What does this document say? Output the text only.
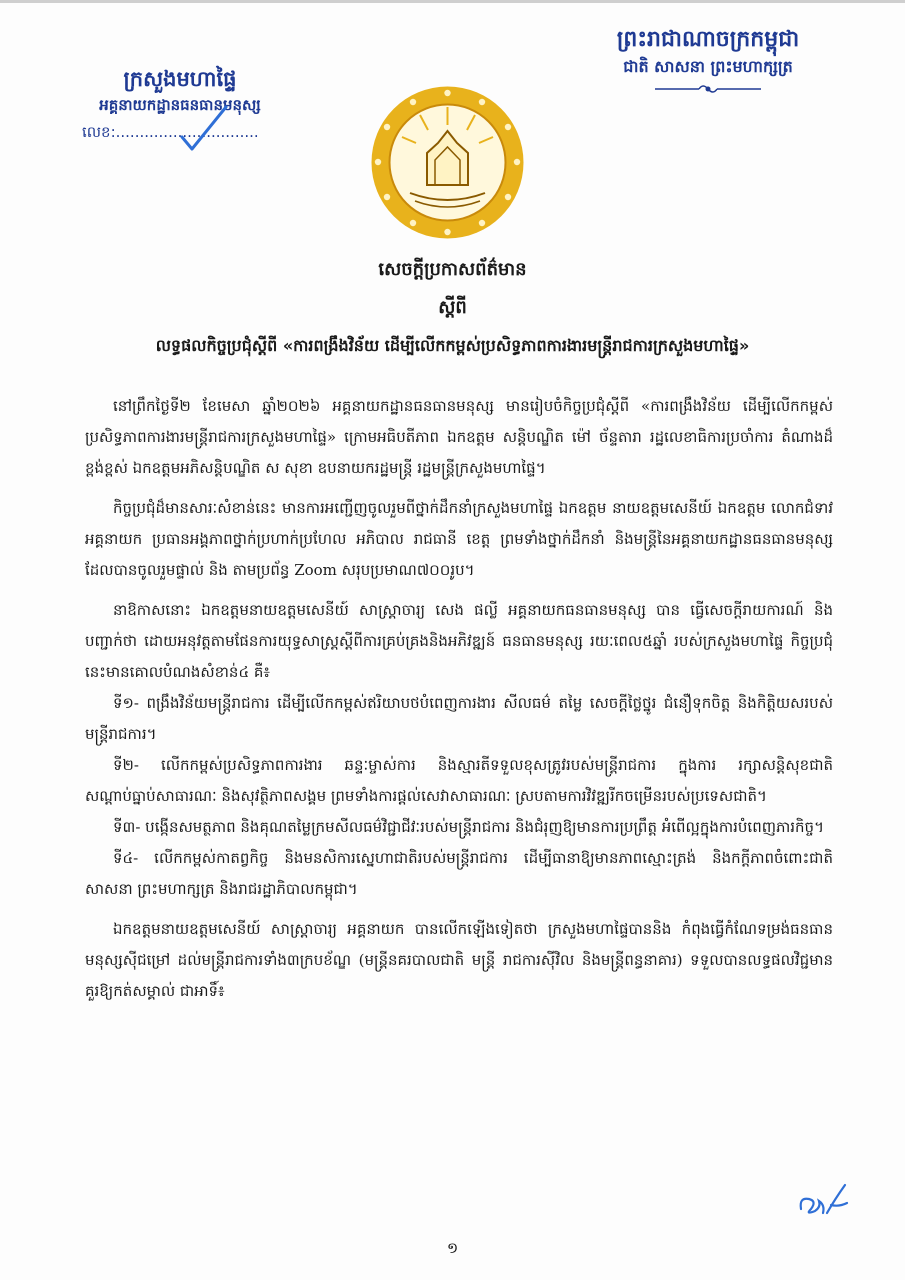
ក្រសួងមហាផ្ទៃ
អគ្គនាយកដ្ឋានធនធានមនុស្ស
លេខ:..............................
ព្រះរាជាណាចក្រកម្ពុជា
ជាតិ សាសនា ព្រះមហាក្សត្រ
សេចក្តីប្រកាសព័ត៌មាន
ស្តីពី
លទ្ធផលកិច្ចប្រជុំស្តីពី «ការពង្រឹងវិន័យ ដើម្បីលើកកម្ពស់ប្រសិទ្ធភាពការងារមន្ត្រីរាជការក្រសួងមហាផ្ទៃ»

នៅព្រឹកថ្ងៃទី២ ខែមេសា ឆ្នាំ២០២៦ អគ្គនាយកដ្ឋានធនធានមនុស្ស មានរៀបចំកិច្ចប្រជុំស្តីពី «ការពង្រឹងវិន័យ ដើម្បីលើកកម្ពស់ប្រសិទ្ធភាពការងារមន្ត្រីរាជការក្រសួងមហាផ្ទៃ» ក្រោមអធិបតីភាព ឯកឧត្តម សន្តិបណ្ឌិត ម៉ៅ ច័ន្ទតារា រដ្ឋលេខាធិការប្រចាំការ តំណាងដ៏ខ្ពង់ខ្ពស់ ឯកឧត្តមអភិសន្តិបណ្ឌិត ស សុខា ឧបនាយករដ្ឋមន្ត្រី រដ្ឋមន្ត្រីក្រសួងមហាផ្ទៃ។

កិច្ចប្រជុំដ៏មានសារៈសំខាន់នេះ មានការអញ្ជើញចូលរួមពីថ្នាក់ដឹកនាំក្រសួងមហាផ្ទៃ ឯកឧត្តម នាយឧត្តមសេនីយ៍ ឯកឧត្តម លោកជំទាវ អគ្គនាយក ប្រធានអង្គភាពថ្នាក់ប្រហាក់ប្រហែល អភិបាល រាជធានី ខេត្ត ព្រមទាំងថ្នាក់ដឹកនាំ និងមន្ត្រីនៃអគ្គនាយកដ្ឋានធនធានមនុស្ស ដែលបានចូលរួមផ្ទាល់ និង តាមប្រព័ន្ធ Zoom សរុបប្រមាណ៧០០រូប។

នាឱកាសនោះ ឯកឧត្តមនាយឧត្តមសេនីយ៍ សាស្ត្រាចារ្យ សេង ផល្លី អគ្គនាយកធនធានមនុស្ស បាន ធ្វើសេចក្តីរាយការណ៍ និងបញ្ជាក់ថា ដោយអនុវត្តតាមផែនការយុទ្ធសាស្ត្រស្តីពីការគ្រប់គ្រងនិងអភិវឌ្ឍន៍ ធនធានមនុស្ស រយៈពេល៥ឆ្នាំ របស់ក្រសួងមហាផ្ទៃ កិច្ចប្រជុំនេះមានគោលបំណងសំខាន់៤ គឺ៖

ទី១- ពង្រឹងវិន័យមន្ត្រីរាជការ ដើម្បីលើកកម្ពស់ឥរិយាបថបំពេញការងារ សីលធម៌ តម្លៃ សេចក្តីថ្លៃថ្នូរ ជំនឿទុកចិត្ត និងកិត្តិយសរបស់មន្ត្រីរាជការ។

ទី២- លើកកម្ពស់ប្រសិទ្ធភាពការងារ ឆន្ទៈម្ចាស់ការ និងស្មារតីទទួលខុសត្រូវរបស់មន្ត្រីរាជការ ក្នុងការ រក្សាសន្តិសុខជាតិ សណ្តាប់ធ្នាប់សាធារណៈ និងសុវត្ថិភាពសង្គម ព្រមទាំងការផ្តល់សេវាសាធារណៈ ស្របតាមការវិវឌ្ឍរីកចម្រើនរបស់ប្រទេសជាតិ។

ទី៣- បង្កើនសមត្ថភាព និងគុណតម្លៃក្រមសីលធម៌វិជ្ជាជីវៈរបស់មន្ត្រីរាជការ និងជំរុញឱ្យមានការប្រព្រឹត្ត អំពើល្អក្នុងការបំពេញភារកិច្ច។

ទី៤- លើកកម្ពស់កាតព្វកិច្ច និងមនសិការស្នេហាជាតិរបស់មន្ត្រីរាជការ ដើម្បីធានាឱ្យមានភាពស្មោះត្រង់ និងកក្តីភាពចំពោះជាតិ សាសនា ព្រះមហាក្សត្រ និងរាជរដ្ឋាភិបាលកម្ពុជា។

ឯកឧត្តមនាយឧត្តមសេនីយ៍ សាស្ត្រាចារ្យ អគ្គនាយក បានលើកឡើងទៀតថា ក្រសួងមហាផ្ទៃបាននិង កំពុងធ្វើកំណែទម្រង់ធនធានមនុស្សស៊ីជម្រៅ ដល់មន្ត្រីរាជការទាំង៣ក្របខ័ណ្ឌ (មន្ត្រីនគរបាលជាតិ មន្ត្រី រាជការស៊ីវិល និងមន្ត្រីពន្ធនាគារ) ទទួលបានលទ្ធផលវិជ្ជមានគួរឱ្យកត់សម្គាល់ ជាអាទិ៍៖

១
